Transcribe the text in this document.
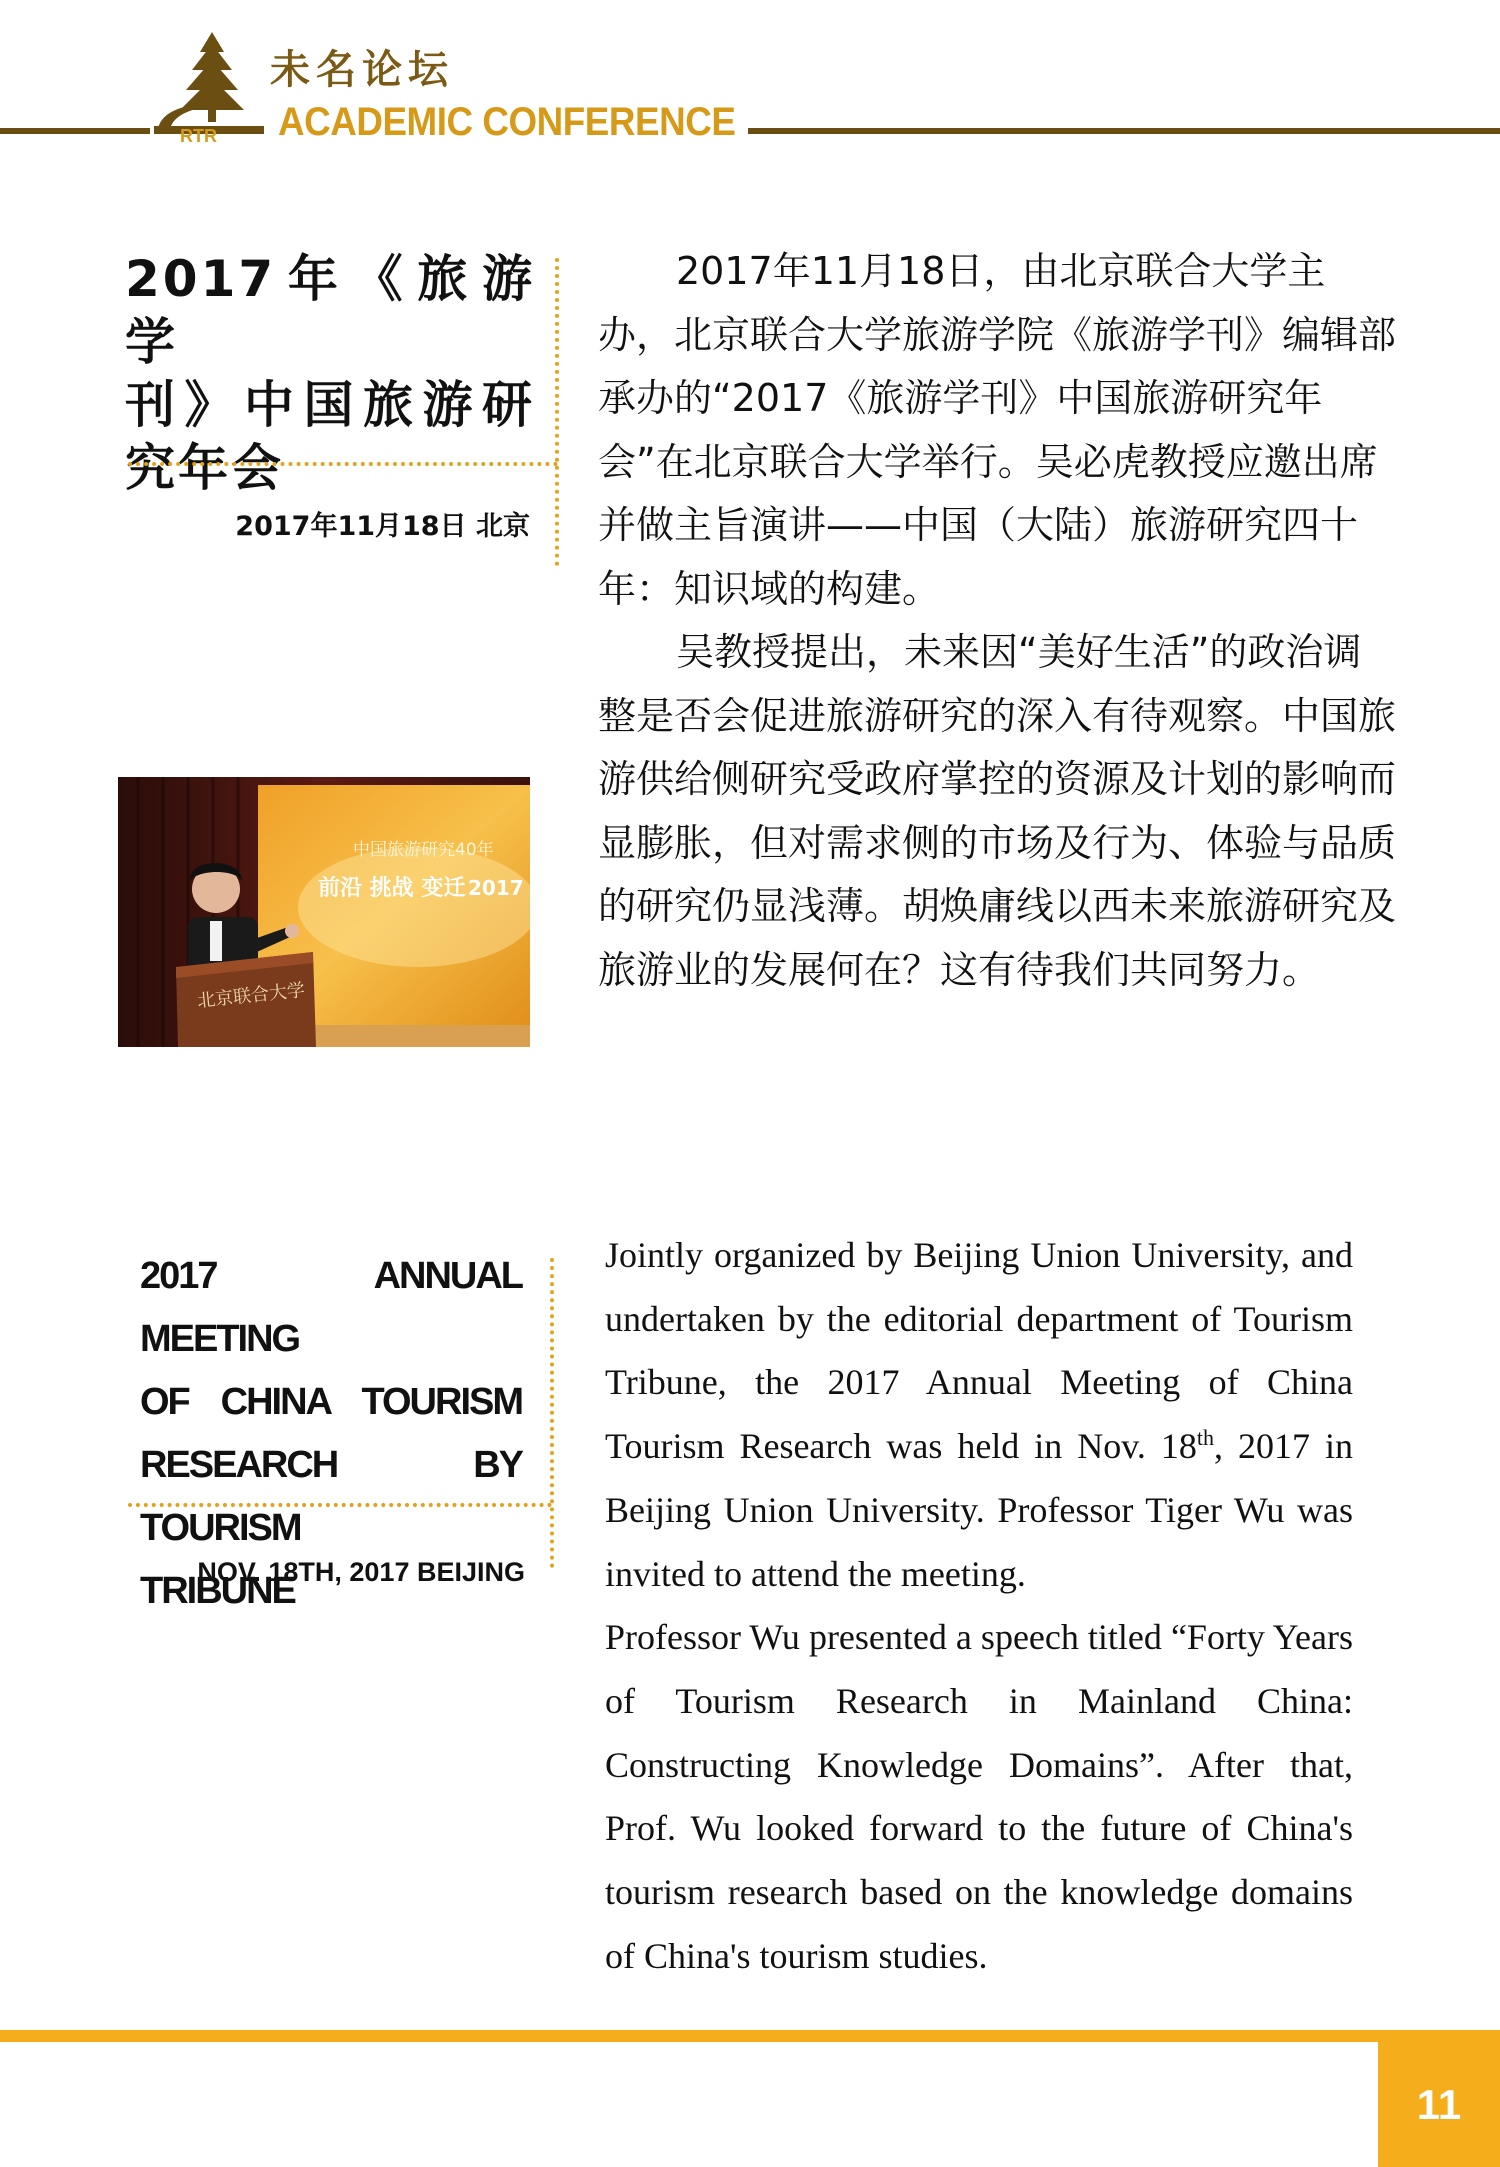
RTR
未名论坛
ACADEMIC CONFERENCE
2017年《旅游学
刊》中国旅游研
究年会
2017年11月18日 北京
中国旅游研究40年
前沿 挑战 变迁 2017
北京联合大学

2017年11月18日，由北京联合大学主办，北京联合大学旅游学院《旅游学刊》编辑部承办的“2017《旅游学刊》中国旅游研究年会”在北京联合大学举行。吴必虎教授应邀出席并做主旨演讲——中国（大陆）旅游研究四十年：知识域的构建。

吴教授提出，未来因“美好生活”的政治调整是否会促进旅游研究的深入有待观察。中国旅游供给侧研究受政府掌控的资源及计划的影响而显膨胀，但对需求侧的市场及行为、体验与品质的研究仍显浅薄。胡焕庸线以西未来旅游研究及旅游业的发展何在？这有待我们共同努力。

2017 ANNUAL MEETING
OF CHINA TOURISM
RESEARCH BY TOURISM
TRIBUNE
NOV. 18TH, 2017 BEIJING

Jointly organized by Beijing Union University, and undertaken by the editorial department of Tourism Tribune, the 2017 Annual Meeting of China Tourism Research was held in Nov. 18th, 2017 in Beijing Union University. Professor Tiger Wu was invited to attend the meeting.

Professor Wu presented a speech titled “Forty Years of Tourism Research in Mainland China: Constructing Knowledge Domains”. After that, Prof. Wu looked forward to the future of China's tourism research based on the knowledge domains of China's tourism studies.

11
